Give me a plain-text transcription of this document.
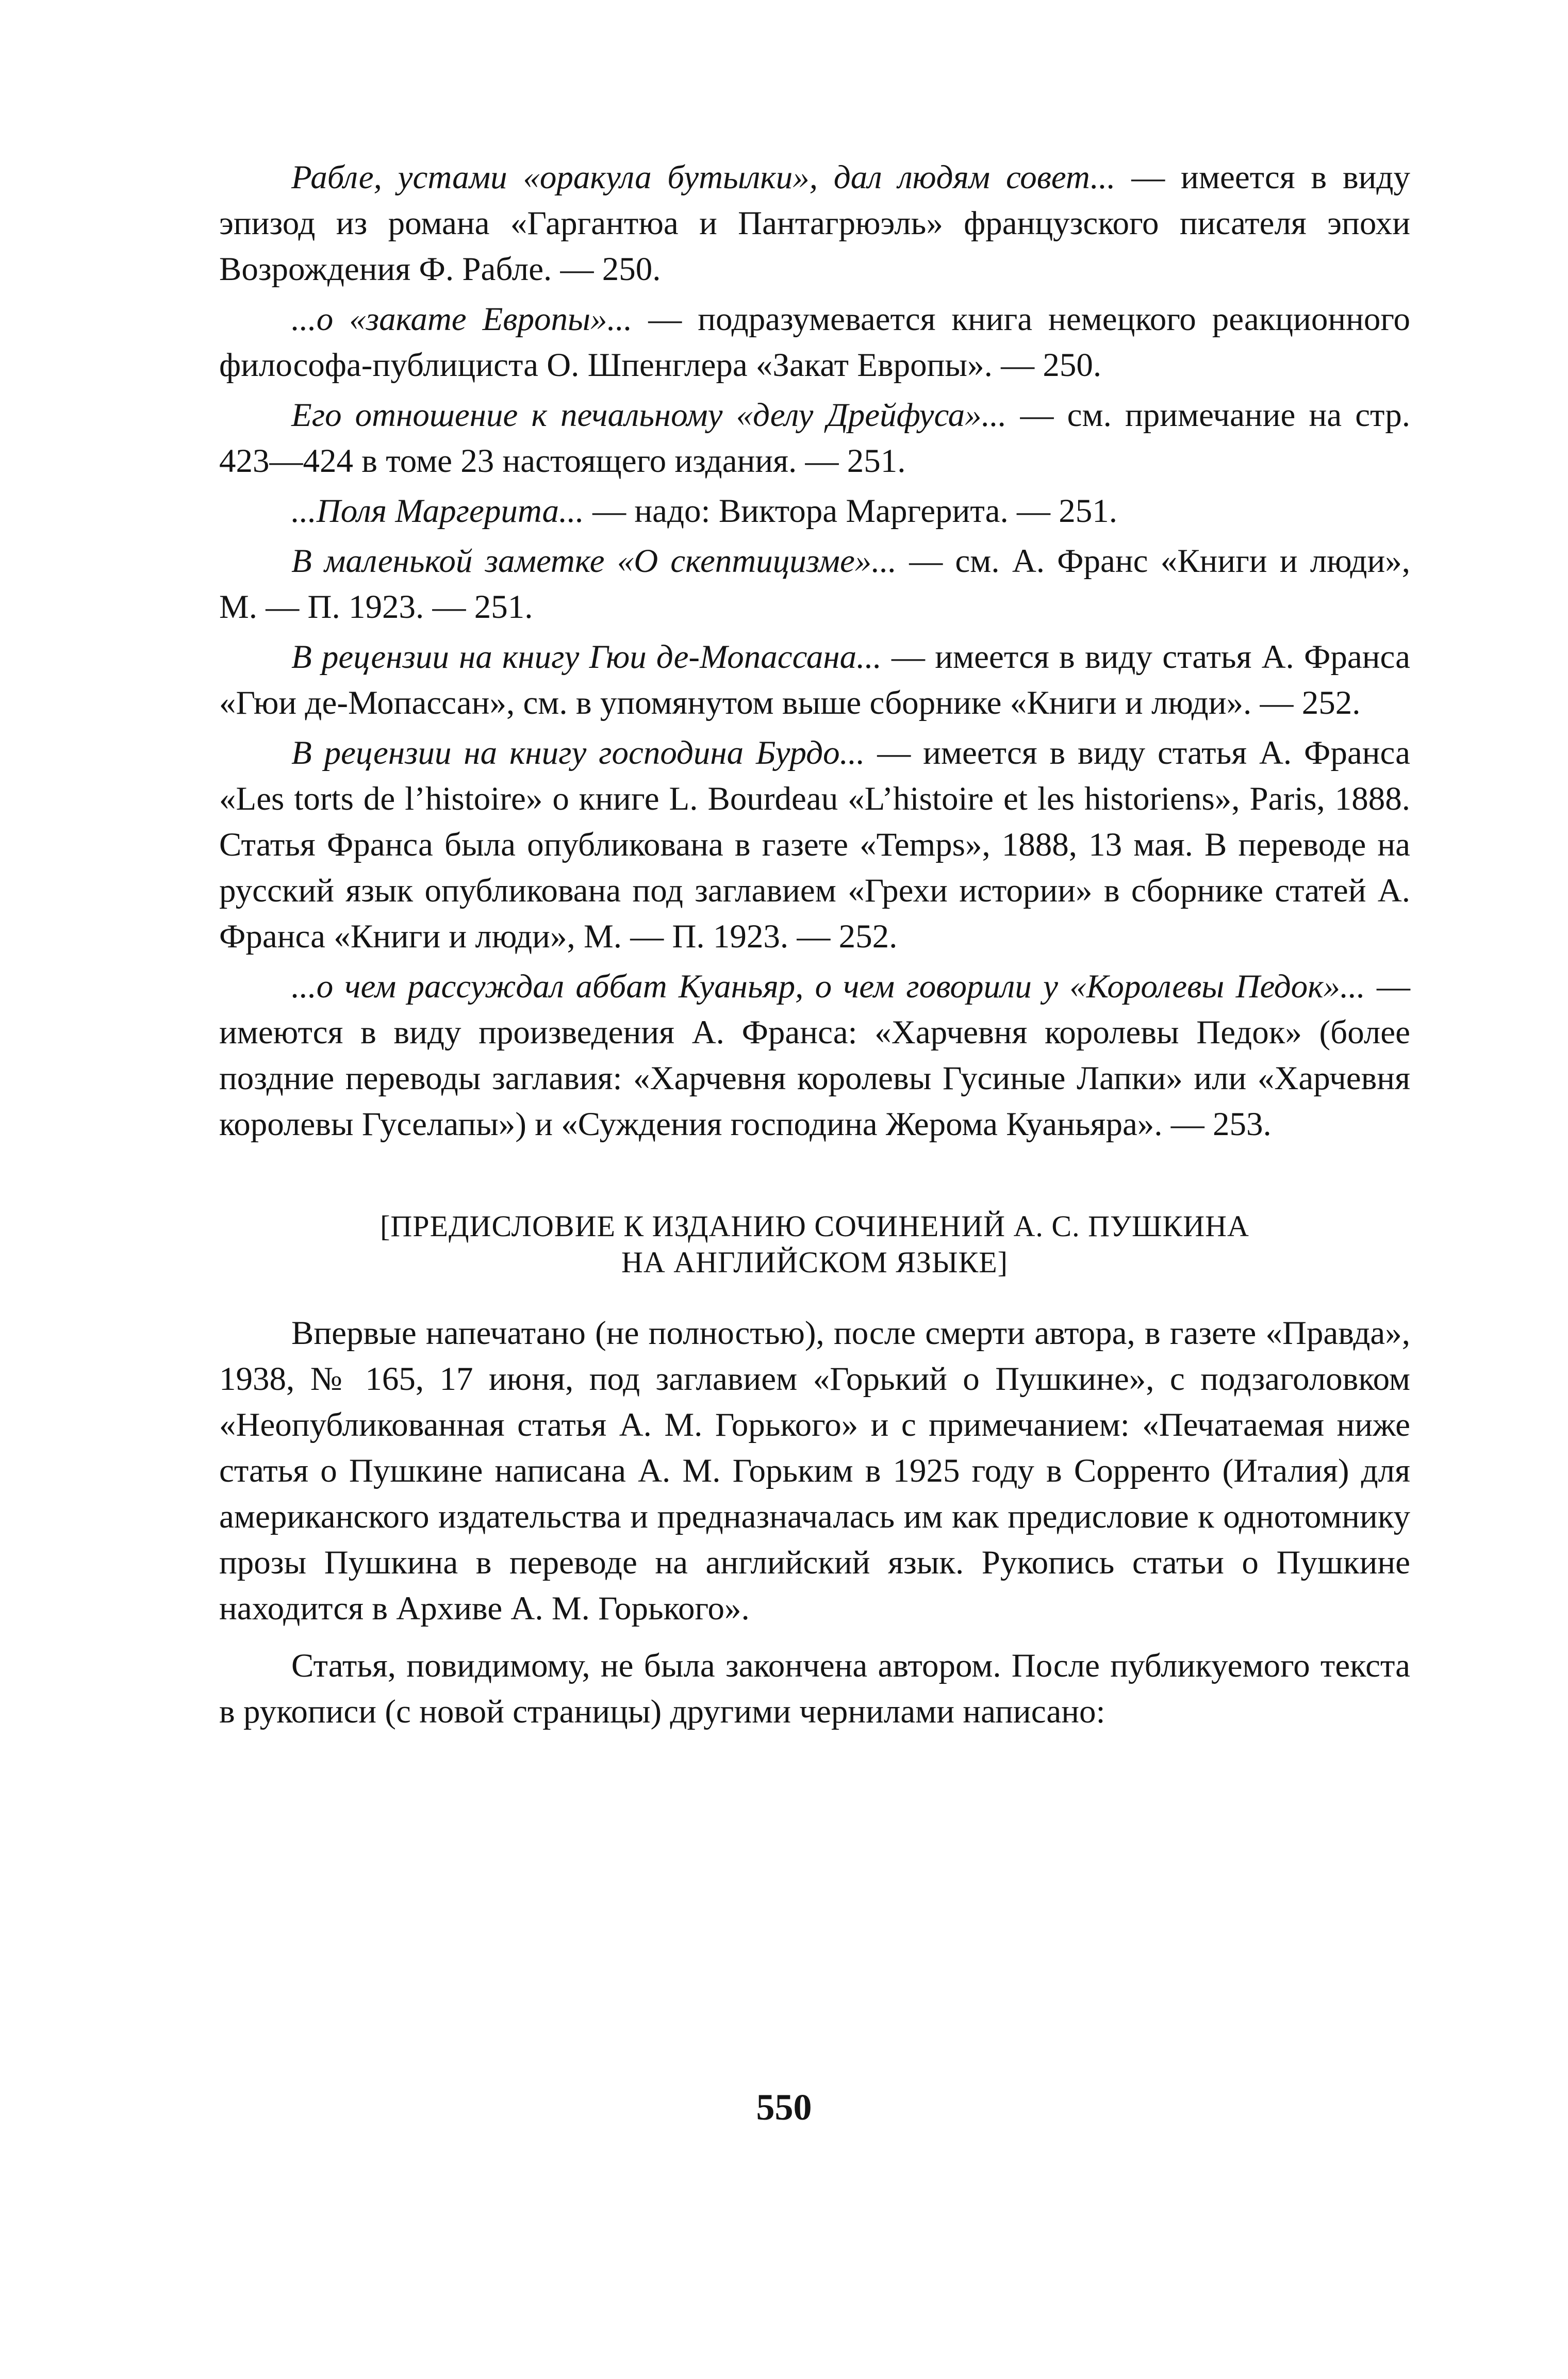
Рабле, устами «оракула бутылки», дал людям совет... — имеется в виду эпизод из романа «Гаргантюа и Пантагрюэль» французского писателя эпохи Возрождения Ф. Рабле. — 250.

...о «закате Европы»... — подразумевается книга немецкого реакционного философа-публициста О. Шпенглера «Закат Европы». — 250.

Его отношение к печальному «делу Дрейфуса»... — см. примечание на стр. 423—424 в томе 23 настоящего издания. — 251.

...Поля Маргерита... — надо: Виктора Маргерита. — 251.

В маленькой заметке «О скептицизме»... — см. А. Франс «Книги и люди», М. — П. 1923. — 251.

В рецензии на книгу Гюи де-Мопассана... — имеется в виду статья А. Франса «Гюи де-Мопассан», см. в упомянутом выше сборнике «Книги и люди». — 252.

В рецензии на книгу господина Бурдо... — имеется в виду статья А. Франса «Les torts de l’histoire» о книге L. Bourdeau «L’histoire et les historiens», Paris, 1888. Статья Франса была опубликована в газете «Temps», 1888, 13 мая. В переводе на русский язык опубликована под заглавием «Грехи истории» в сборнике статей А. Франса «Книги и люди», М. — П. 1923. — 252.

...о чем рассуждал аббат Куаньяр, о чем говорили у «Королевы Педок»... — имеются в виду произведения А. Франса: «Харчевня королевы Педок» (более поздние переводы заглавия: «Харчевня королевы Гусиные Лапки» или «Харчевня королевы Гуселапы») и «Суждения господина Жерома Куаньяра». — 253.

[ПРЕДИСЛОВИЕ К ИЗДАНИЮ СОЧИНЕНИЙ А. С. ПУШКИНА
НА АНГЛИЙСКОМ ЯЗЫКЕ]

Впервые напечатано (не полностью), после смерти автора, в газете «Правда», 1938, № 165, 17 июня, под заглавием «Горький о Пушкине», с подзаголовком «Неопубликованная статья А. М. Горького» и с примечанием: «Печатаемая ниже статья о Пушкине написана А. М. Горьким в 1925 году в Сорренто (Италия) для американского издательства и предназначалась им как предисловие к однотомнику прозы Пушкина в переводе на английский язык. Рукопись статьи о Пушкине находится в Архиве А. М. Горького».

Статья, повидимому, не была закончена автором. После публикуемого текста в рукописи (с новой страницы) другими чернилами написано:

550
